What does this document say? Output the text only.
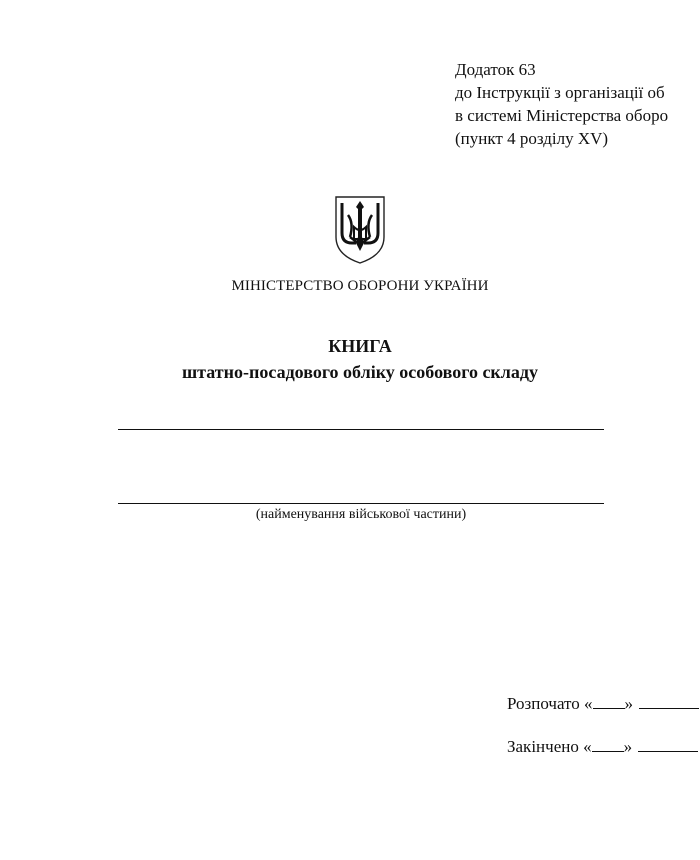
Додаток 63
до Інструкції з організації об
в системі Міністерства оборо
(пункт 4 розділу XV)
МІНІСТЕРСТВО ОБОРОНИ УКРАЇНИ
КНИГА
штатно-посадового обліку особового складу
(найменування військової частини)
Розпочато « »
Закінчено « »
